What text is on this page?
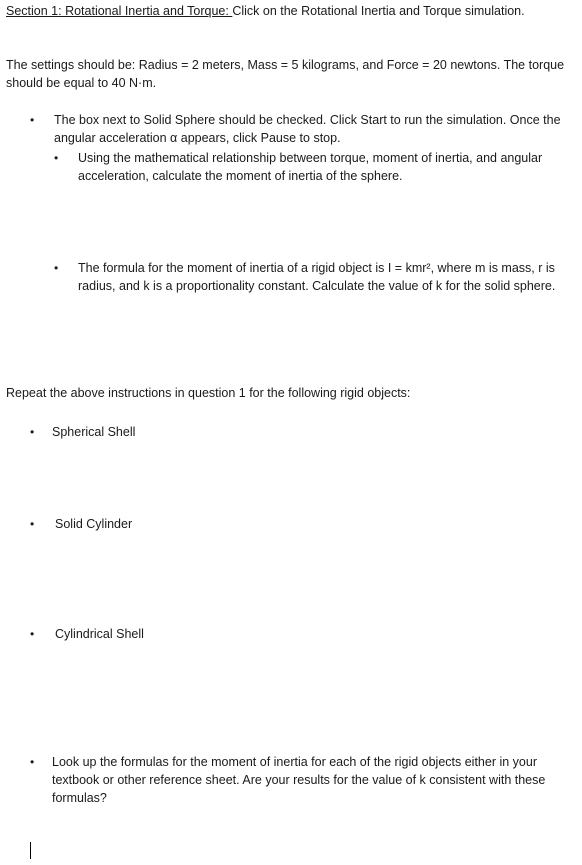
Section 1: Rotational Inertia and Torque: Click on the Rotational Inertia and Torque simulation.

The settings should be: Radius = 2 meters, Mass = 5 kilograms, and Force = 20 newtons. The torque should be equal to 40 N·m.

•	The box next to Solid Sphere should be checked. Click Start to run the simulation. Once the angular acceleration α appears, click Pause to stop.
•	Using the mathematical relationship between torque, moment of inertia, and angular acceleration, calculate the moment of inertia of the sphere.
•	The formula for the moment of inertia of a rigid object is I = kmr², where m is mass, r is radius, and k is a proportionality constant. Calculate the value of k for the solid sphere.

Repeat the above instructions in question 1 for the following rigid objects:

•	Spherical Shell
•	Solid Cylinder
•	Cylindrical Shell
•	Look up the formulas for the moment of inertia for each of the rigid objects either in your textbook or other reference sheet. Are your results for the value of k consistent with these formulas?
